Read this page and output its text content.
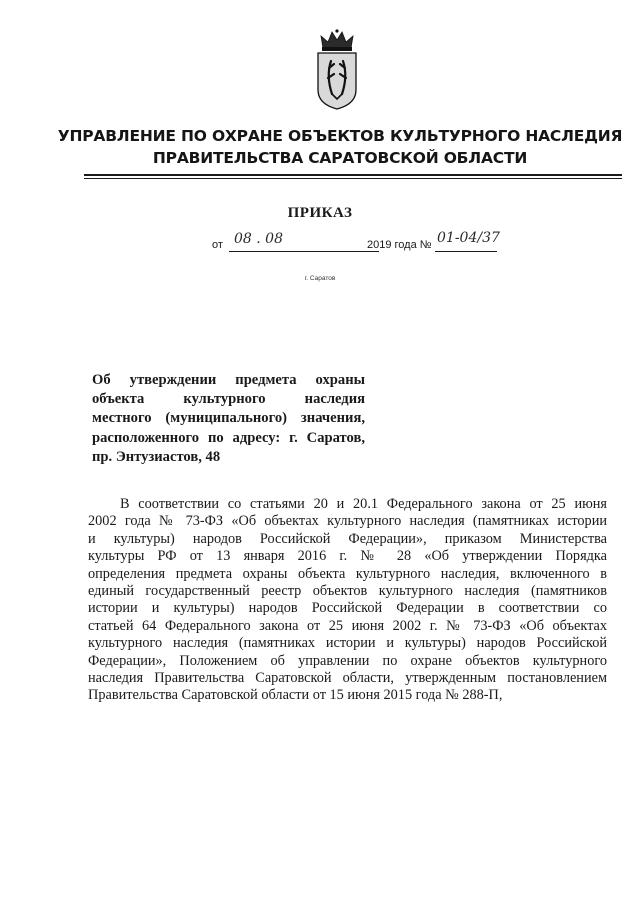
УПРАВЛЕНИЕ ПО ОХРАНЕ ОБЪЕКТОВ КУЛЬТУРНОГО НАСЛЕДИЯ
ПРАВИТЕЛЬСТВА САРАТОВСКОЙ ОБЛАСТИ
ПРИКАЗ
от 08 . 08	2019 года № 01-04/37
г. Саратов
Об утверждении предмета охраны
объекта культурного наследия
местного (муниципального) значения,
расположенного по адресу: г. Саратов,
пр. Энтузиастов, 48
В соответствии со статьями 20 и 20.1 Федерального закона от 25 июня
2002 года № 73-ФЗ «Об объектах культурного наследия (памятниках истории
и культуры) народов Российской Федерации», приказом Министерства
культуры РФ от 13 января 2016 г. № 28 «Об утверждении Порядка
определения предмета охраны объекта культурного наследия, включенного в
единый государственный реестр объектов культурного наследия (памятников
истории и культуры) народов Российской Федерации в соответствии со
статьей 64 Федерального закона от 25 июня 2002 г. № 73-ФЗ «Об объектах
культурного наследия (памятниках истории и культуры) народов Российской
Федерации», Положением об управлении по охране объектов культурного
наследия Правительства Саратовской области, утвержденным постановлением
Правительства Саратовской области от 15 июня 2015 года № 288-П,
